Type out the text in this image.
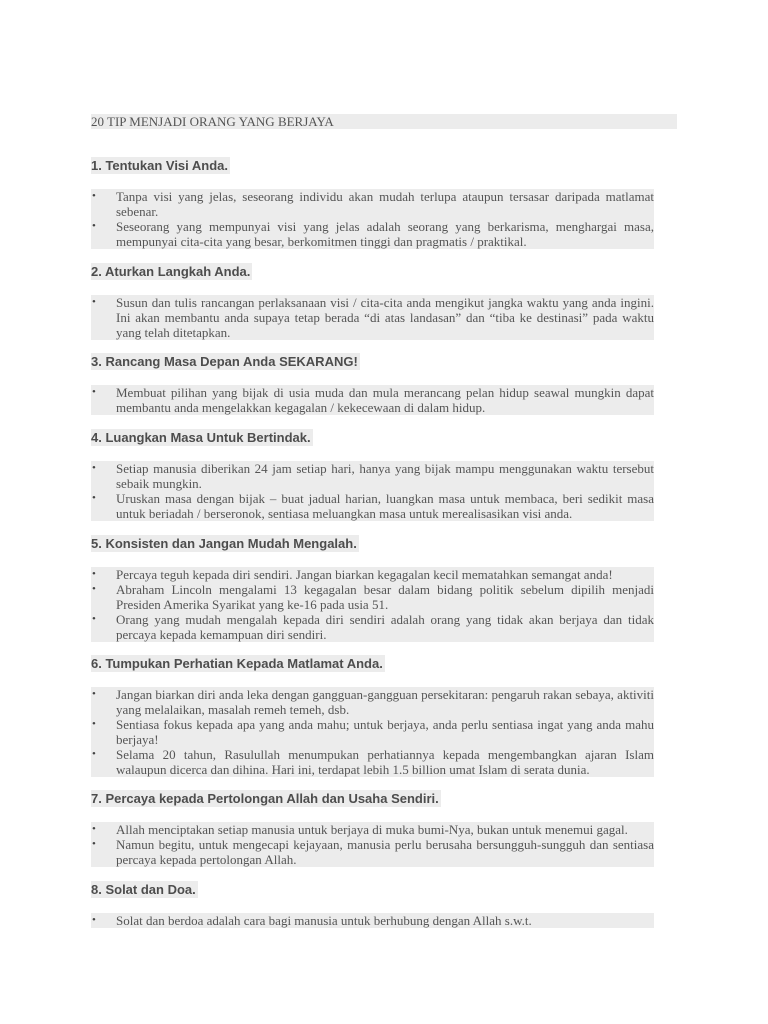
20 TIP MENJADI ORANG YANG BERJAYA
1. Tentukan Visi Anda.
• Tanpa visi yang jelas, seseorang individu akan mudah terlupa ataupun tersasar daripada matlamat sebenar.
• Seseorang yang mempunyai visi yang jelas adalah seorang yang berkarisma, menghargai masa, mempunyai cita-cita yang besar, berkomitmen tinggi dan pragmatis / praktikal.
2. Aturkan Langkah Anda.
• Susun dan tulis rancangan perlaksanaan visi / cita-cita anda mengikut jangka waktu yang anda ingini. Ini akan membantu anda supaya tetap berada “di atas landasan” dan “tiba ke destinasi” pada waktu yang telah ditetapkan.
3. Rancang Masa Depan Anda SEKARANG!
• Membuat pilihan yang bijak di usia muda dan mula merancang pelan hidup seawal mungkin dapat membantu anda mengelakkan kegagalan / kekecewaan di dalam hidup.
4. Luangkan Masa Untuk Bertindak.
• Setiap manusia diberikan 24 jam setiap hari, hanya yang bijak mampu menggunakan waktu tersebut sebaik mungkin.
• Uruskan masa dengan bijak – buat jadual harian, luangkan masa untuk membaca, beri sedikit masa untuk beriadah / berseronok, sentiasa meluangkan masa untuk merealisasikan visi anda.
5. Konsisten dan Jangan Mudah Mengalah.
• Percaya teguh kepada diri sendiri. Jangan biarkan kegagalan kecil mematahkan semangat anda!
• Abraham Lincoln mengalami 13 kegagalan besar dalam bidang politik sebelum dipilih menjadi Presiden Amerika Syarikat yang ke-16 pada usia 51.
• Orang yang mudah mengalah kepada diri sendiri adalah orang yang tidak akan berjaya dan tidak percaya kepada kemampuan diri sendiri.
6. Tumpukan Perhatian Kepada Matlamat Anda.
• Jangan biarkan diri anda leka dengan gangguan-gangguan persekitaran: pengaruh rakan sebaya, aktiviti yang melalaikan, masalah remeh temeh, dsb.
• Sentiasa fokus kepada apa yang anda mahu; untuk berjaya, anda perlu sentiasa ingat yang anda mahu berjaya!
• Selama 20 tahun, Rasulullah menumpukan perhatiannya kepada mengembangkan ajaran Islam walaupun dicerca dan dihina. Hari ini, terdapat lebih 1.5 billion umat Islam di serata dunia.
7. Percaya kepada Pertolongan Allah dan Usaha Sendiri.
• Allah menciptakan setiap manusia untuk berjaya di muka bumi-Nya, bukan untuk menemui gagal.
• Namun begitu, untuk mengecapi kejayaan, manusia perlu berusaha bersungguh-sungguh dan sentiasa percaya kepada pertolongan Allah.
8. Solat dan Doa.
• Solat dan berdoa adalah cara bagi manusia untuk berhubung dengan Allah s.w.t.
